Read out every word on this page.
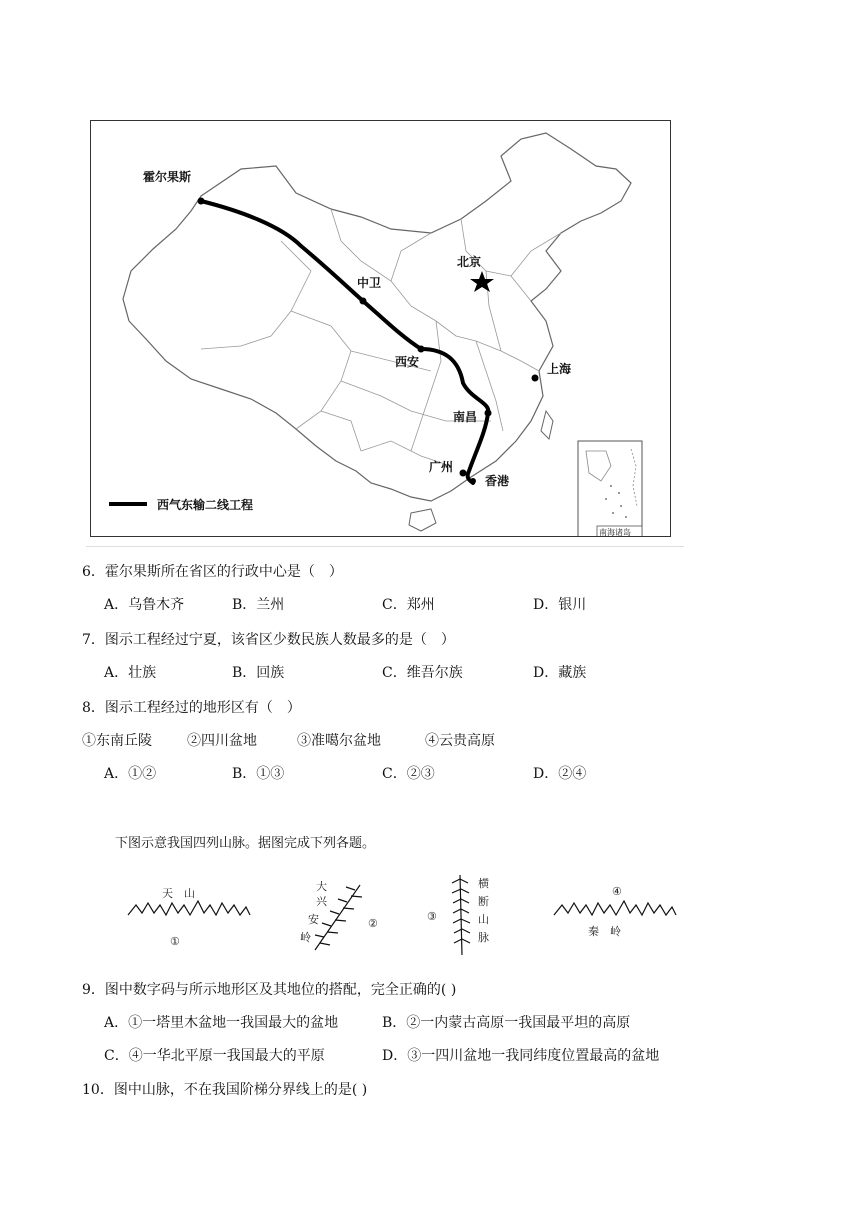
霍尔果斯
北京
中卫
西安	上海
南昌
广州
香港
西气东输二线工程
南海诸岛
6．霍尔果斯所在省区的行政中心是（　）
A．乌鲁木齐	B．兰州	C．郑州	D．银川
7．图示工程经过宁夏，该省区少数民族人数最多的是（　）
A．壮族	B．回族	C．维吾尔族	D．藏族
8．图示工程经过的地形区有（　）
①东南丘陵	②四川盆地	③准噶尔盆地	④云贵高原
A．①②	B．①③	C．②③	D．②④
下图示意我国四列山脉。据图完成下列各题。
天　山
①
大
兴
安
岭
②
③
横
断
山
脉
④
秦　岭
9．图中数字码与所示地形区及其地位的搭配，完全正确的( )
A．①一塔里木盆地一我国最大的盆地	B．②一内蒙古高原一我国最平坦的高原
C．④一华北平原一我国最大的平原	D．③一四川盆地一我同纬度位置最高的盆地
10．图中山脉，不在我国阶梯分界线上的是( )
